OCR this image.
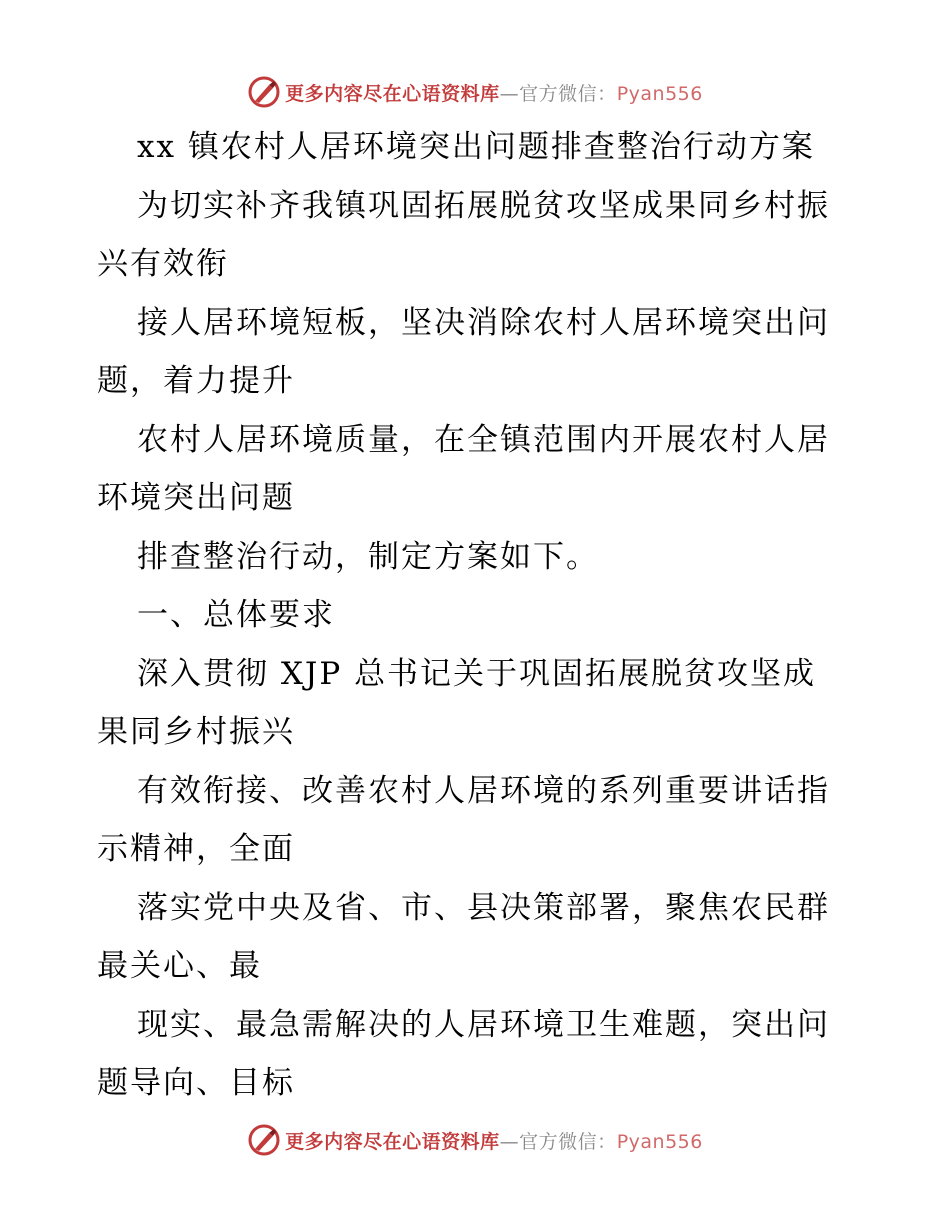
更多内容尽在心语资料库—官方微信：Pyan556
xx 镇农村人居环境突出问题排查整治行动方案
为切实补齐我镇巩固拓展脱贫攻坚成果同乡村振
兴有效衔
接人居环境短板，坚决消除农村人居环境突出问
题，着力提升
农村人居环境质量，在全镇范围内开展农村人居
环境突出问题
排查整治行动，制定方案如下。
一、总体要求
深入贯彻 XJP 总书记关于巩固拓展脱贫攻坚成
果同乡村振兴
有效衔接、改善农村人居环境的系列重要讲话指
示精神，全面
落实党中央及省、市、县决策部署，聚焦农民群
最关心、最
现实、最急需解决的人居环境卫生难题，突出问
题导向、目标
更多内容尽在心语资料库—官方微信：Pyan556
